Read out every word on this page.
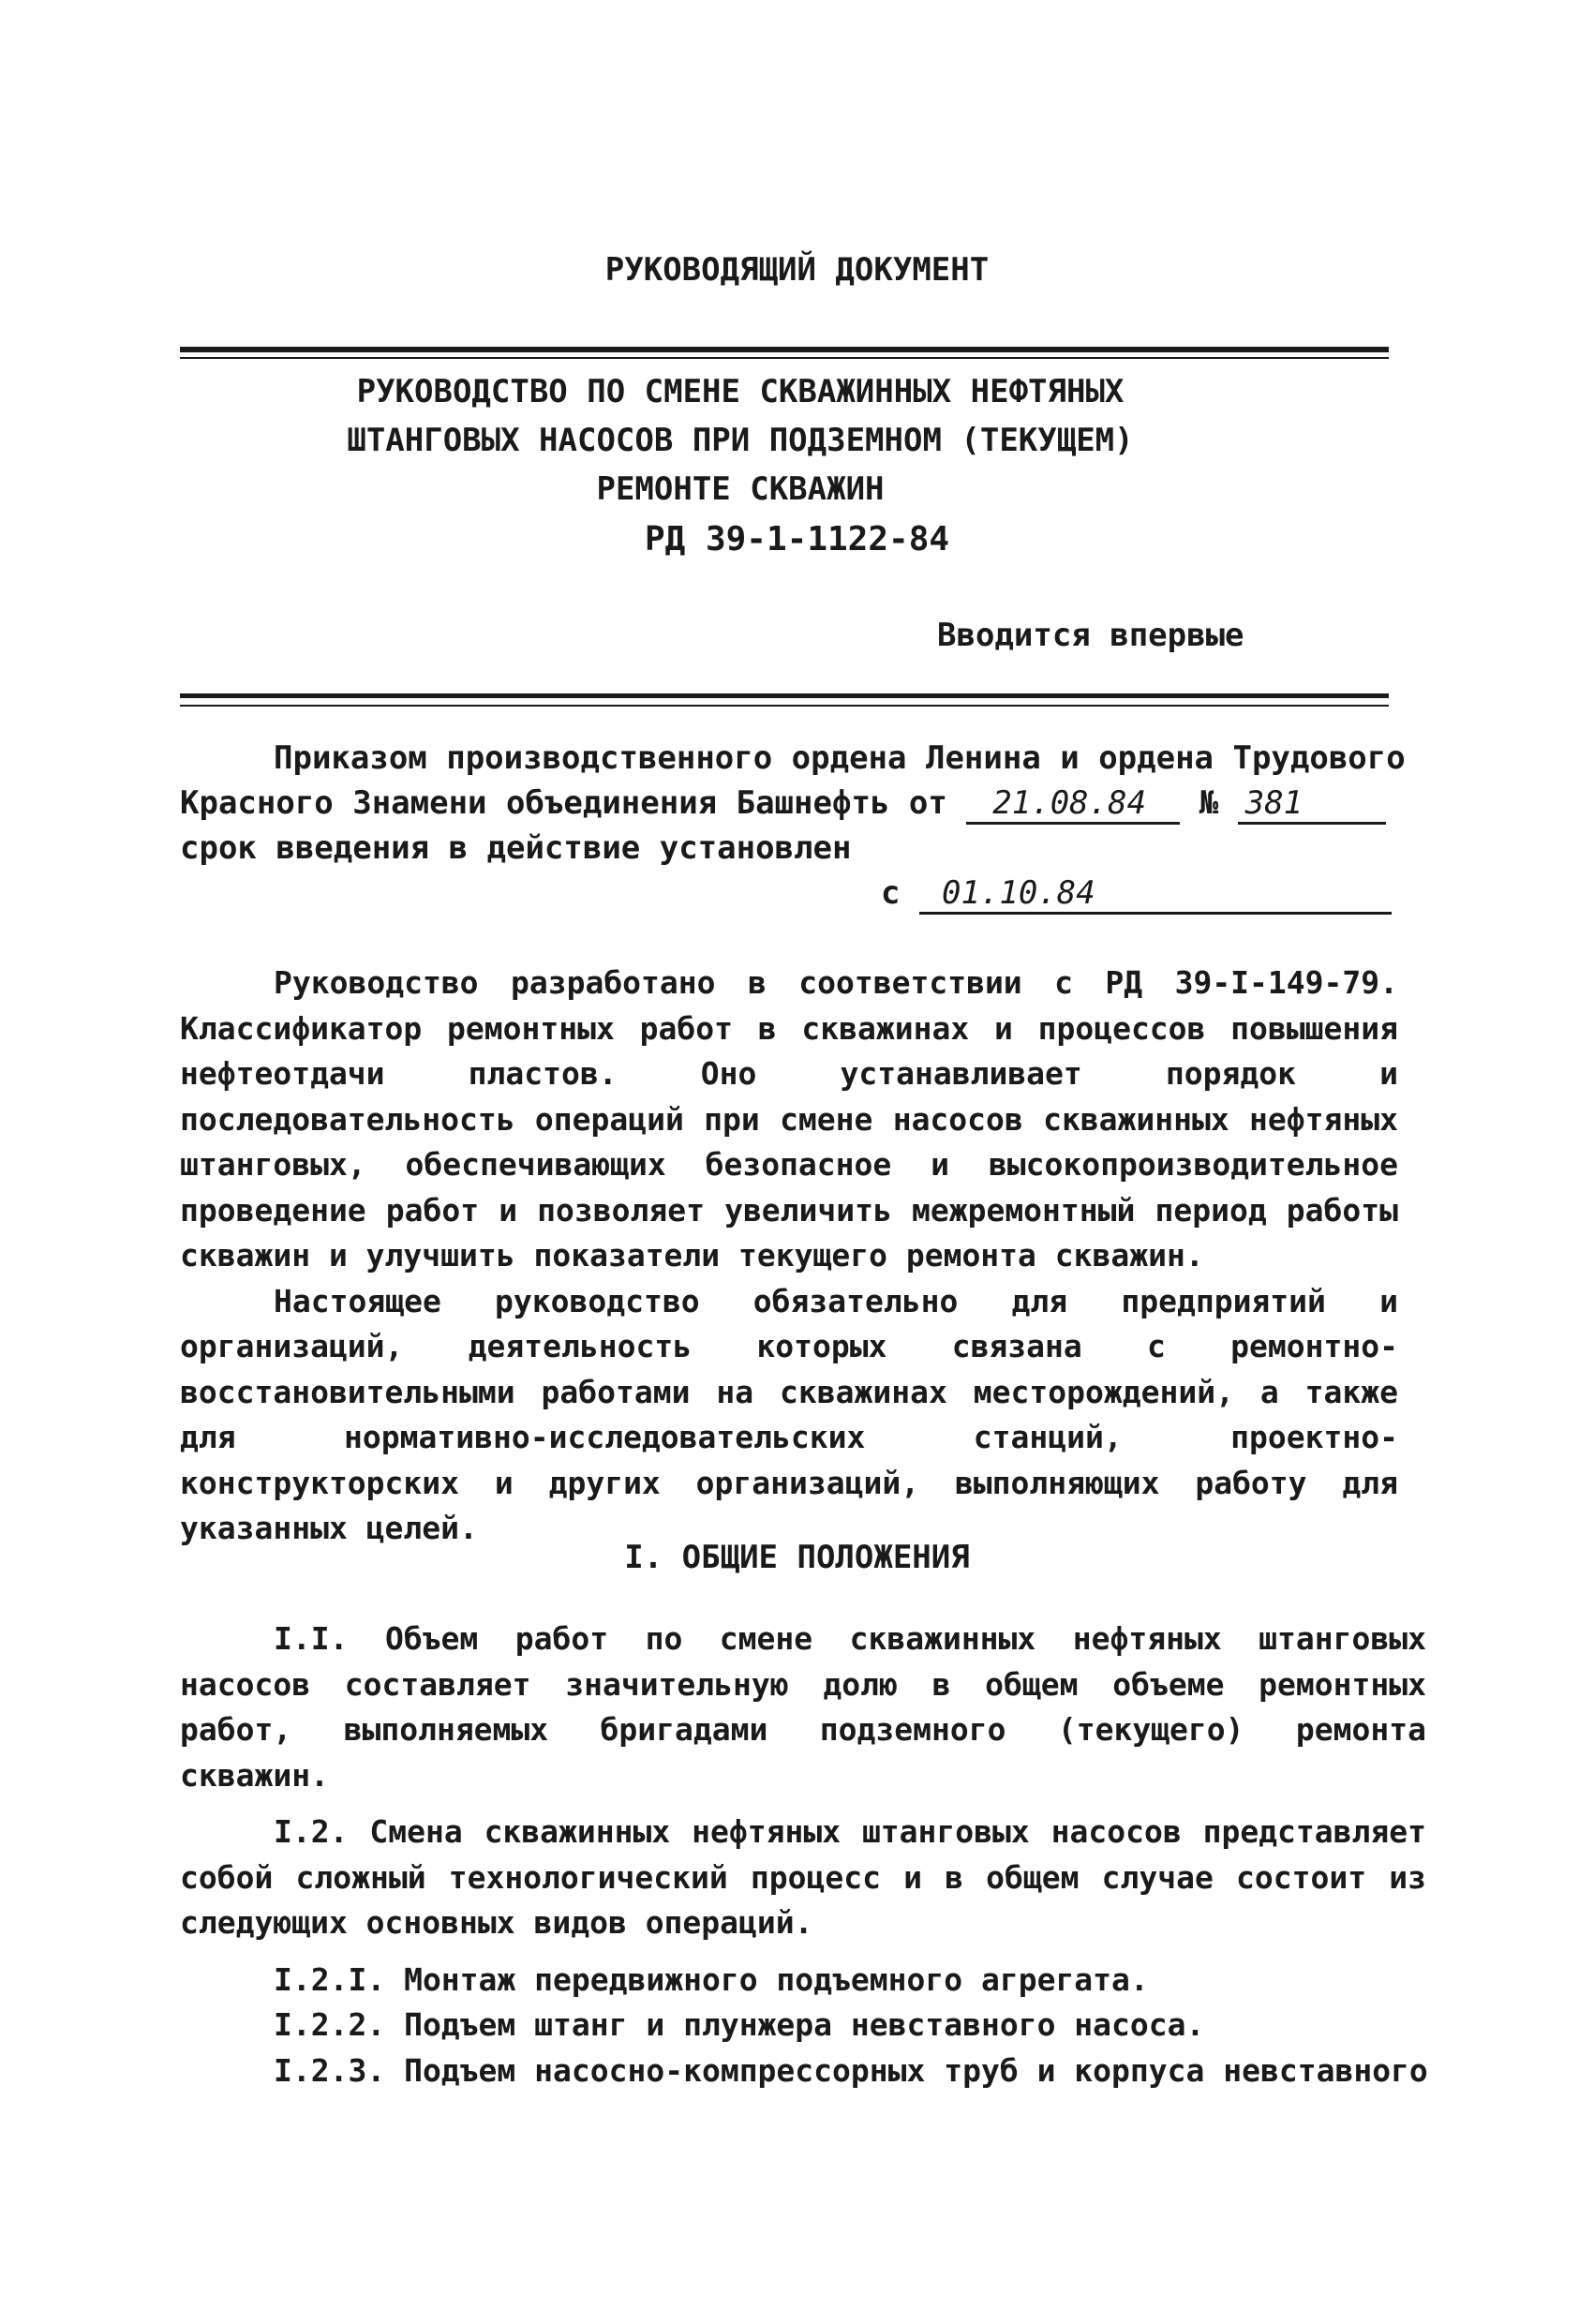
РУКОВОДЯЩИЙ ДОКУМЕНТ
РУКОВОДСТВО ПО СМЕНЕ СКВАЖИННЫХ НЕФТЯНЫХ
ШТАНГОВЫХ НАСОСОВ ПРИ ПОДЗЕМНОМ (ТЕКУЩЕМ)
РЕМОНТЕ СКВАЖИН
РД 39-1-1122-84
Вводится впервые
Приказом производственного ордена Ленина и ордена Трудового
Красного Знамени объединения Башнефть от 21.08.84 № 381
срок введения в действие установлен
с 01.10.84

Руководство разработано в соответствии с РД 39-I-149-79. Классификатор ремонтных работ в скважинах и процессов повышения нефтеотдачи пластов. Оно устанавливает порядок и последовательность операций при смене насосов скважинных нефтяных штанговых, обеспечивающих безопасное и высокопроизводительное проведение работ и позволяет увеличить межремонтный период работы скважин и улучшить показатели текущего ремонта скважин.

Настоящее руководство обязательно для предприятий и организаций, деятельность которых связана с ремонтно-восстановительными работами на скважинах месторождений, а также для нормативно-исследовательских станций, проектно-конструкторских и других организаций, выполняющих работу для указанных целей.

I. ОБЩИЕ ПОЛОЖЕНИЯ

I.I. Объем работ по смене скважинных нефтяных штанговых насосов составляет значительную долю в общем объеме ремонтных работ, выполняемых бригадами подземного (текущего) ремонта скважин.

I.2. Смена скважинных нефтяных штанговых насосов представляет собой сложный технологический процесс и в общем случае состоит из следующих основных видов операций.

I.2.I. Монтаж передвижного подъемного агрегата.
I.2.2. Подъем штанг и плунжера невставного насоса.
I.2.3. Подъем насосно-компрессорных труб и корпуса невставного
